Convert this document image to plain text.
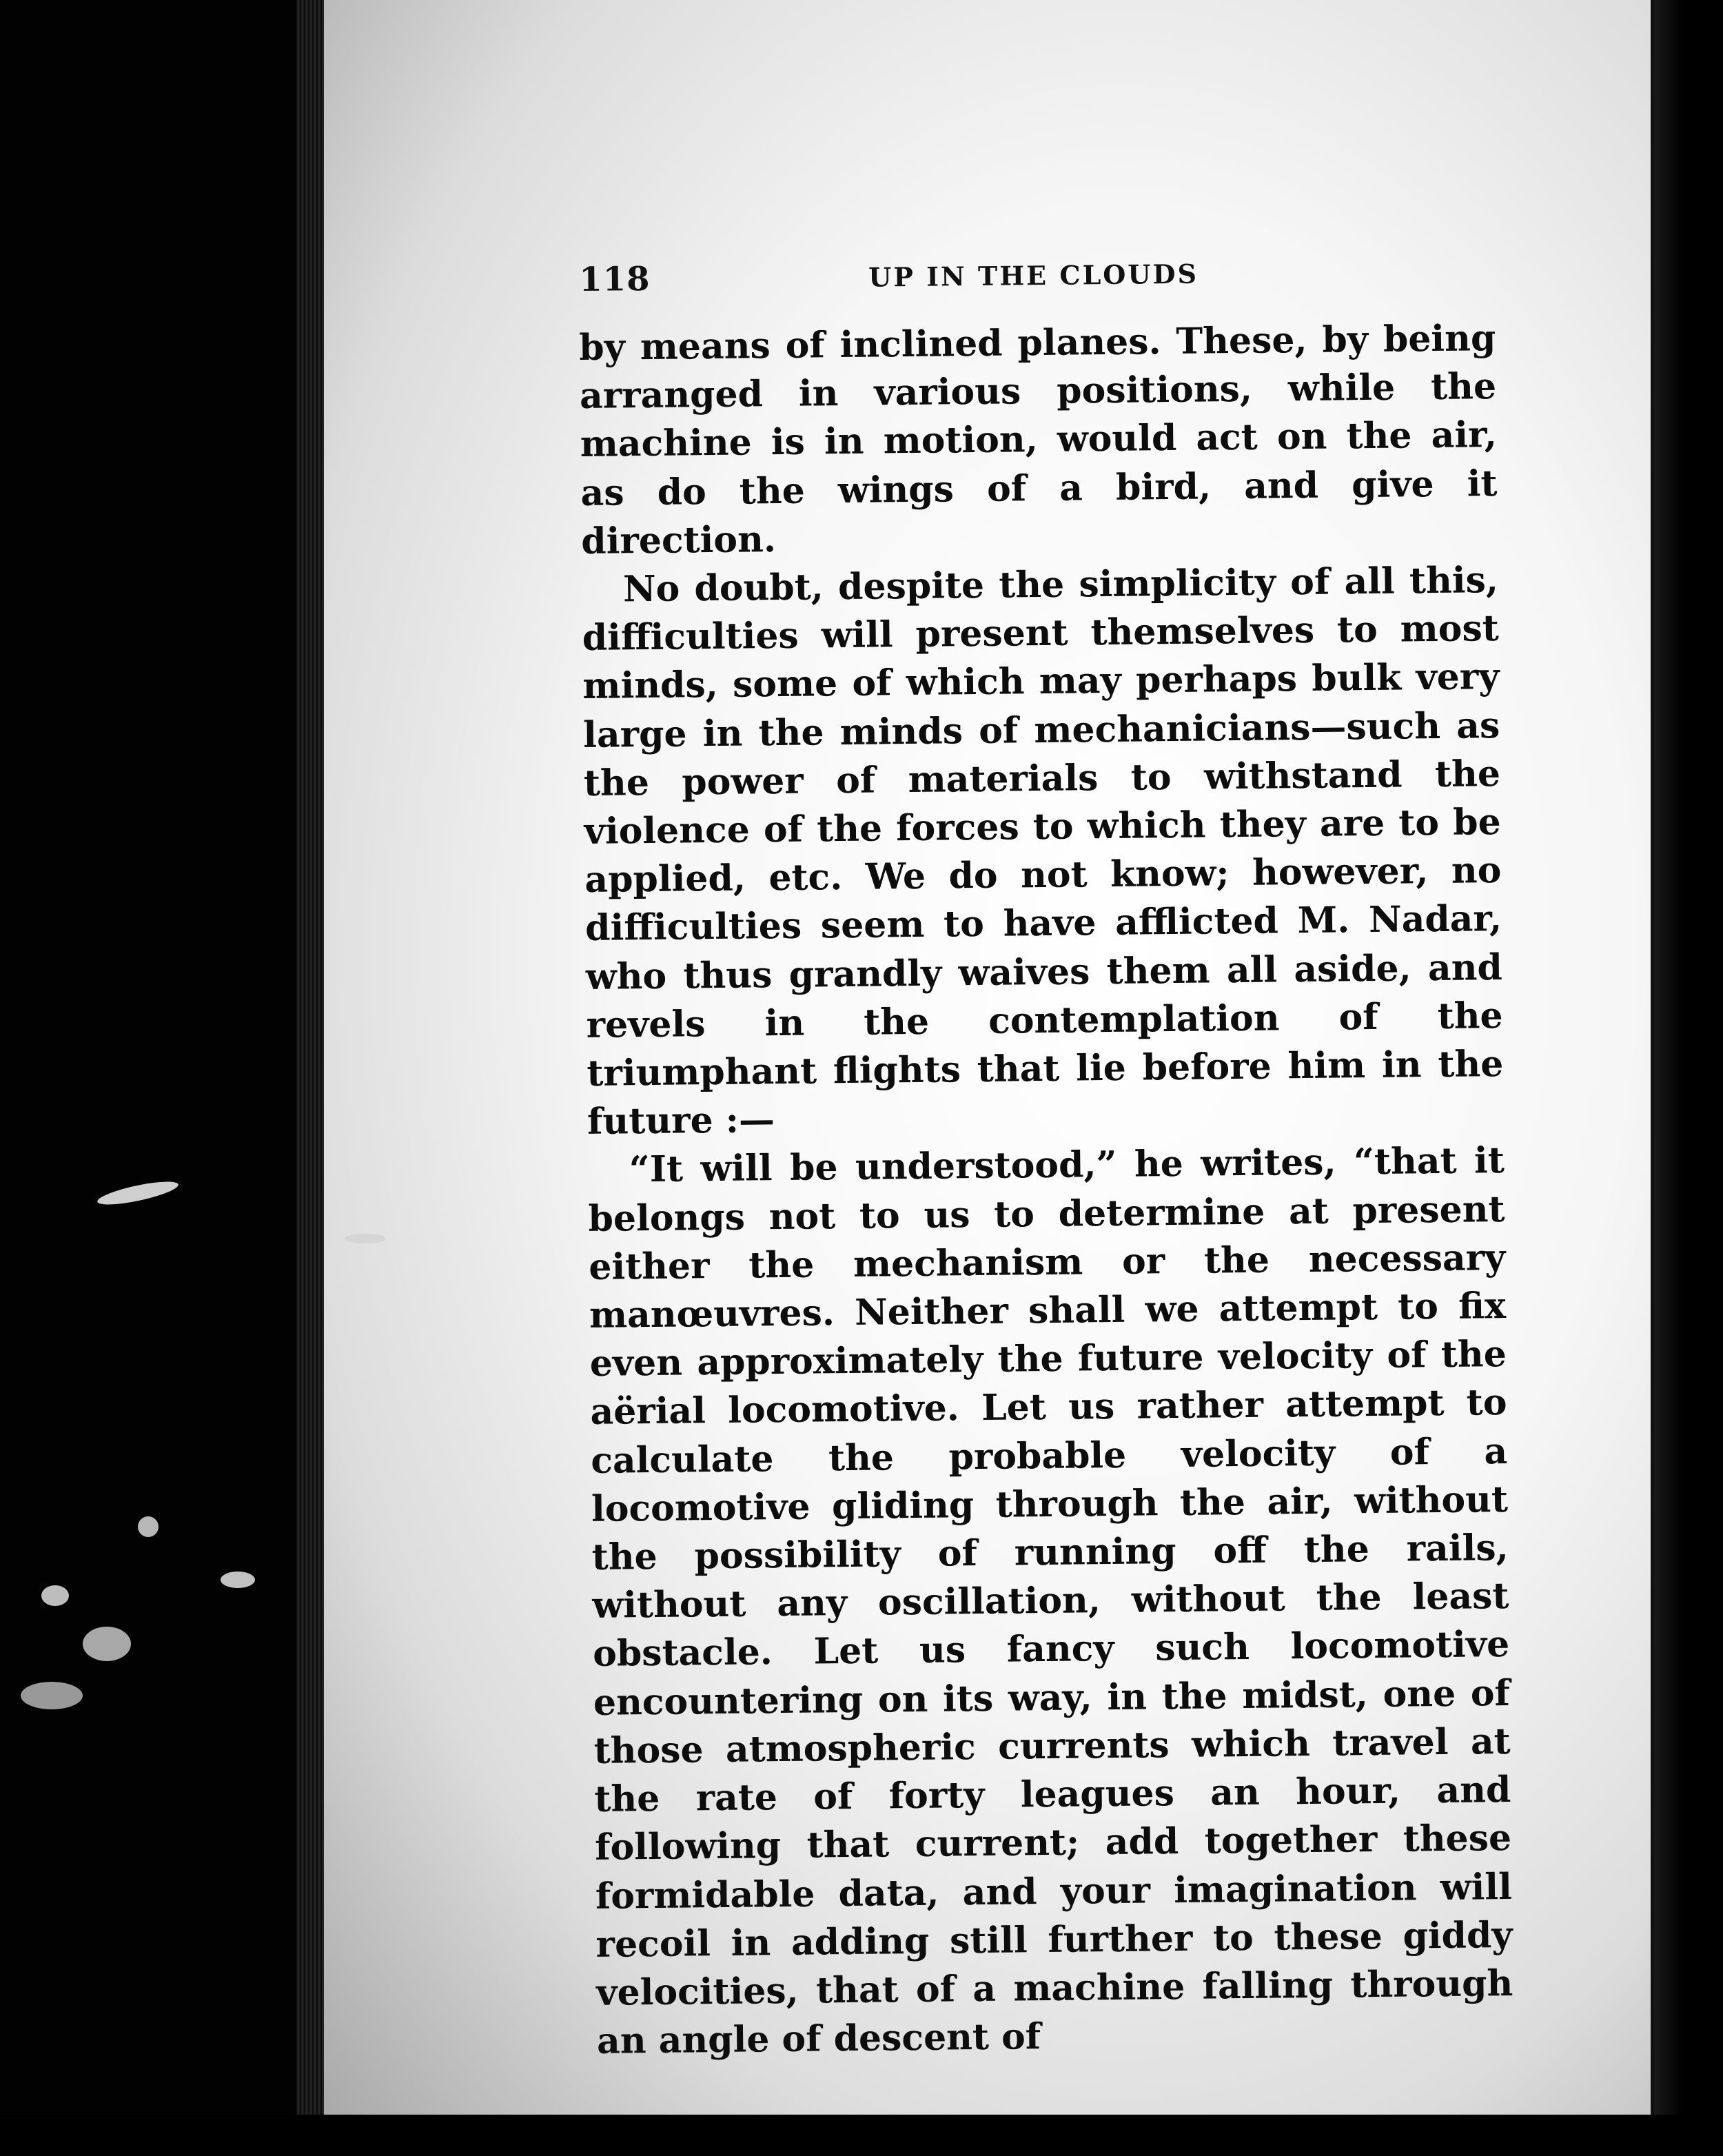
118	UP IN THE CLOUDS

by means of inclined planes. These, by being arranged in various positions, while the machine is in motion, would act on the air, as do the wings of a bird, and give it direction.

No doubt, despite the simplicity of all this, difficulties will present themselves to most minds, some of which may perhaps bulk very large in the minds of mechanicians—such as the power of materials to withstand the violence of the forces to which they are to be applied, etc. We do not know; however, no difficulties seem to have afflicted M. Nadar, who thus grandly waives them all aside, and revels in the contemplation of the triumphant flights that lie before him in the future :—

“It will be understood,” he writes, “that it belongs not to us to determine at present either the mechanism or the necessary manœuvres. Neither shall we attempt to fix even approximately the future velocity of the aërial locomotive. Let us rather attempt to calculate the probable velocity of a locomotive gliding through the air, without the possibility of running off the rails, without any oscillation, without the least obstacle. Let us fancy such locomotive encountering on its way, in the midst, one of those atmospheric currents which travel at the rate of forty leagues an hour, and following that current; add together these formidable data, and your imagination will recoil in adding still further to these giddy velocities, that of a machine falling through an angle of descent of
